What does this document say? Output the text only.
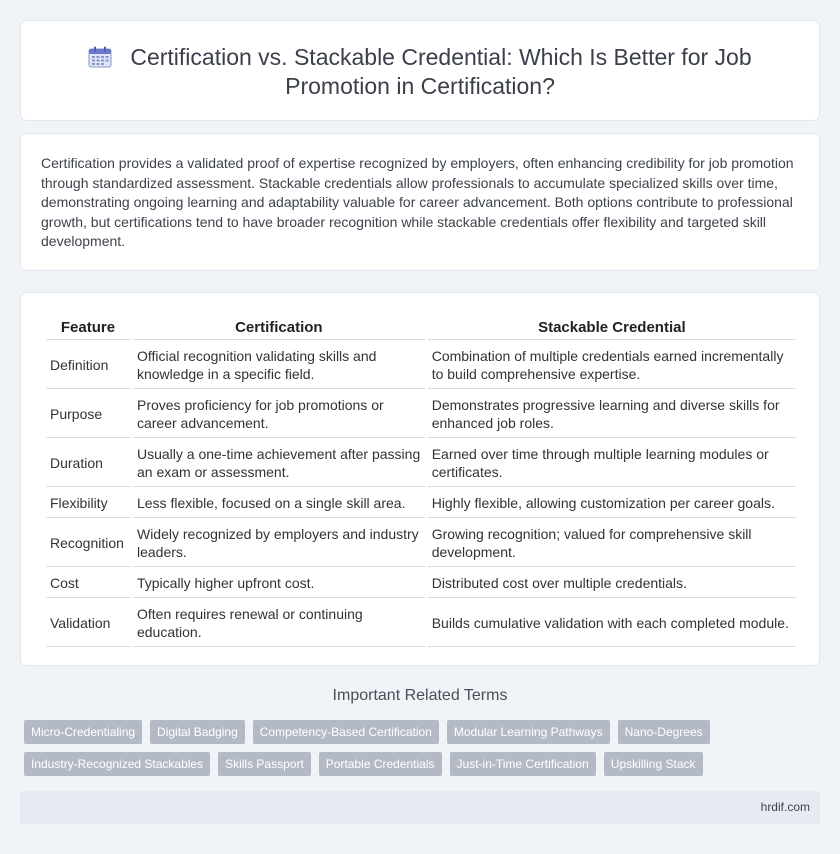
Certification vs. Stackable Credential: Which Is Better for Job Promotion in Certification?

Certification provides a validated proof of expertise recognized by employers, often enhancing credibility for job promotion through standardized assessment. Stackable credentials allow professionals to accumulate specialized skills over time, demonstrating ongoing learning and adaptability valuable for career advancement. Both options contribute to professional growth, but certifications tend to have broader recognition while stackable credentials offer flexibility and targeted skill development.

Feature	Certification	Stackable Credential
Definition	Official recognition validating skills and knowledge in a specific field.	Combination of multiple credentials earned incrementally to build comprehensive expertise.
Purpose	Proves proficiency for job promotions or career advancement.	Demonstrates progressive learning and diverse skills for enhanced job roles.
Duration	Usually a one-time achievement after passing an exam or assessment.	Earned over time through multiple learning modules or certificates.
Flexibility	Less flexible, focused on a single skill area.	Highly flexible, allowing customization per career goals.
Recognition	Widely recognized by employers and industry leaders.	Growing recognition; valued for comprehensive skill development.
Cost	Typically higher upfront cost.	Distributed cost over multiple credentials.
Validation	Often requires renewal or continuing education.	Builds cumulative validation with each completed module.
Important Related Terms
Micro-Credentialing	Digital Badging	Competency-Based Certification	Modular Learning Pathways	Nano-Degrees
Industry-Recognized Stackables	Skills Passport	Portable Credentials	Just-in-Time Certification	Upskilling Stack
hrdif.com
